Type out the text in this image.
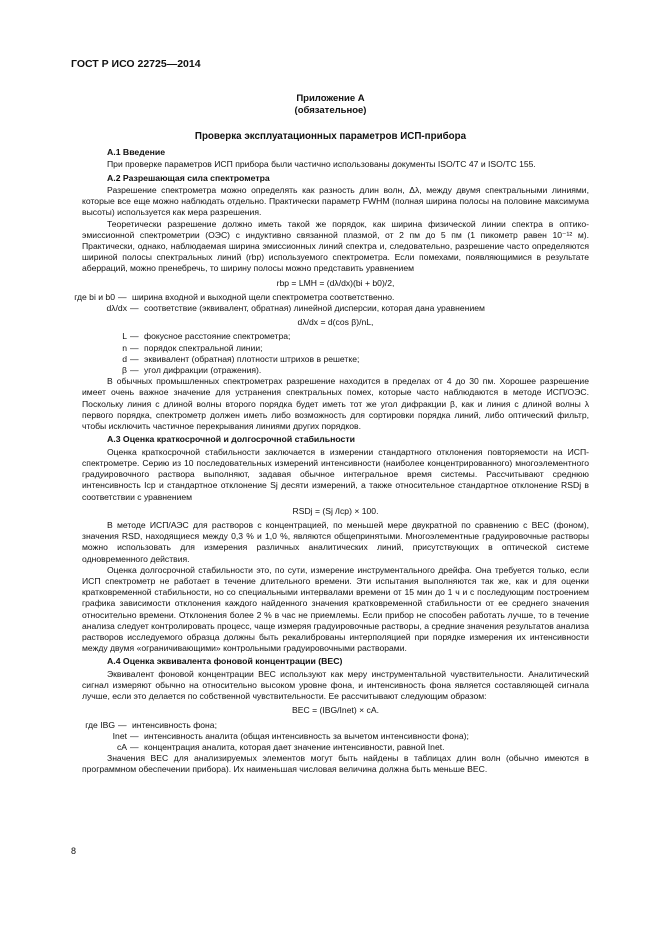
ГОСТ Р ИСО 22725—2014
Приложение А
(обязательное)
Проверка эксплуатационных параметров ИСП-прибора
А.1 Введение

При проверке параметров ИСП прибора были частично использованы документы ISO/TC 47 и ISO/TC 155.

А.2 Разрешающая сила спектрометра

Разрешение спектрометра можно определять как разность длин волн, Δλ, между двумя спектральными линиями, которые все еще можно наблюдать отдельно. Практически параметр FWHM (полная ширина полосы на половине максимума высоты) используется как мера разрешения.

Теоретически разрешение должно иметь такой же порядок, как ширина физической линии спектра в оптико-эмиссионной спектрометрии (ОЭС) с индуктивно связанной плазмой, от 2 пм до 5 пм (1 пикометр равен 10⁻¹² м). Практически, однако, наблюдаемая ширина эмиссионных линий спектра и, следовательно, разрешение часто определяются шириной полосы спектральных линий (rbp) используемого спектрометра. Если помехами, появляющимися в результате аберраций, можно пренебречь, то ширину полосы можно представить уравнением

rbp = LMH = (dλ/dx)(bi + b0)/2,
где bi и b0 — ширина входной и выходной щели спектрометра соответственно.
dλ/dx — соответствие (эквивалент, обратная) линейной дисперсии, которая дана уравнением
dλ/dx = d(cos β)/nL,
L — фокусное расстояние спектрометра;
n — порядок спектральной линии;
d — эквивалент (обратная) плотности штрихов в решетке;
β — угол дифракции (отражения).

В обычных промышленных спектрометрах разрешение находится в пределах от 4 до 30 пм. Хорошее разрешение имеет очень важное значение для устранения спектральных помех, которые часто наблюдаются в методе ИСП/ОЭС. Поскольку линия с длиной волны второго порядка будет иметь тот же угол дифракции β, как и линия с длиной волны λ первого порядка, спектрометр должен иметь либо возможность для сортировки порядка линий, либо оптический фильтр, чтобы исключить частичное перекрывания линиями других порядков.

А.3 Оценка краткосрочной и долгосрочной стабильности

Оценка краткосрочной стабильности заключается в измерении стандартного отклонения повторяемости на ИСП-спектрометре. Серию из 10 последовательных измерений интенсивности (наиболее концентрированного) многоэлементного градуировочного раствора выполняют, задавая обычное интегральное время системы. Рассчитывают среднюю интенсивность Icp и стандартное отклонение Sj десяти измерений, а также относительное стандартное отклонение RSDj в соответствии с уравнением

RSDj = (Sj /Icp) × 100.

В методе ИСП/АЭС для растворов с концентрацией, по меньшей мере двукратной по сравнению с ВЕС (фоном), значения RSD, находящиеся между 0,3 % и 1,0 %, являются общепринятыми. Многоэлементные градуировочные растворы можно использовать для измерения различных аналитических линий, присутствующих в оптической системе одновременного действия.

Оценка долгосрочной стабильности это, по сути, измерение инструментального дрейфа. Она требуется только, если ИСП спектрометр не работает в течение длительного времени. Эти испытания выполняются так же, как и для оценки кратковременной стабильности, но со специальными интервалами времени от 15 мин до 1 ч и с последующим построением графика зависимости отклонения каждого найденного значения кратковременной стабильности от ее среднего значения относительно времени. Отклонения более 2 % в час не приемлемы. Если прибор не способен работать лучше, то в течение анализа следует контролировать процесс, чаще измеряя градуировочные растворы, а средние значения результатов анализа растворов исследуемого образца должны быть рекалиброваны интерполяцией при порядке измерения их интенсивности между двумя «ограничивающими» контрольными градуировочными растворами.

А.4 Оценка эквивалента фоновой концентрации (ВЕС)

Эквивалент фоновой концентрации ВЕС используют как меру инструментальной чувствительности. Аналитический сигнал измеряют обычно на относительно высоком уровне фона, и интенсивность фона является составляющей сигнала лучше, если это делается по собственной чувствительности. Ее рассчитывают следующим образом:

ВЕС = (IBG/Inet) × cA.
где IBG — интенсивность фона;
Inet — интенсивность аналита (общая интенсивность за вычетом интенсивности фона);
cA — концентрация аналита, которая дает значение интенсивности, равной Inet.

Значения ВЕС для анализируемых элементов могут быть найдены в таблицах длин волн (обычно имеются в программном обеспечении прибора). Их наименьшая числовая величина должна быть меньше ВЕС.

8
